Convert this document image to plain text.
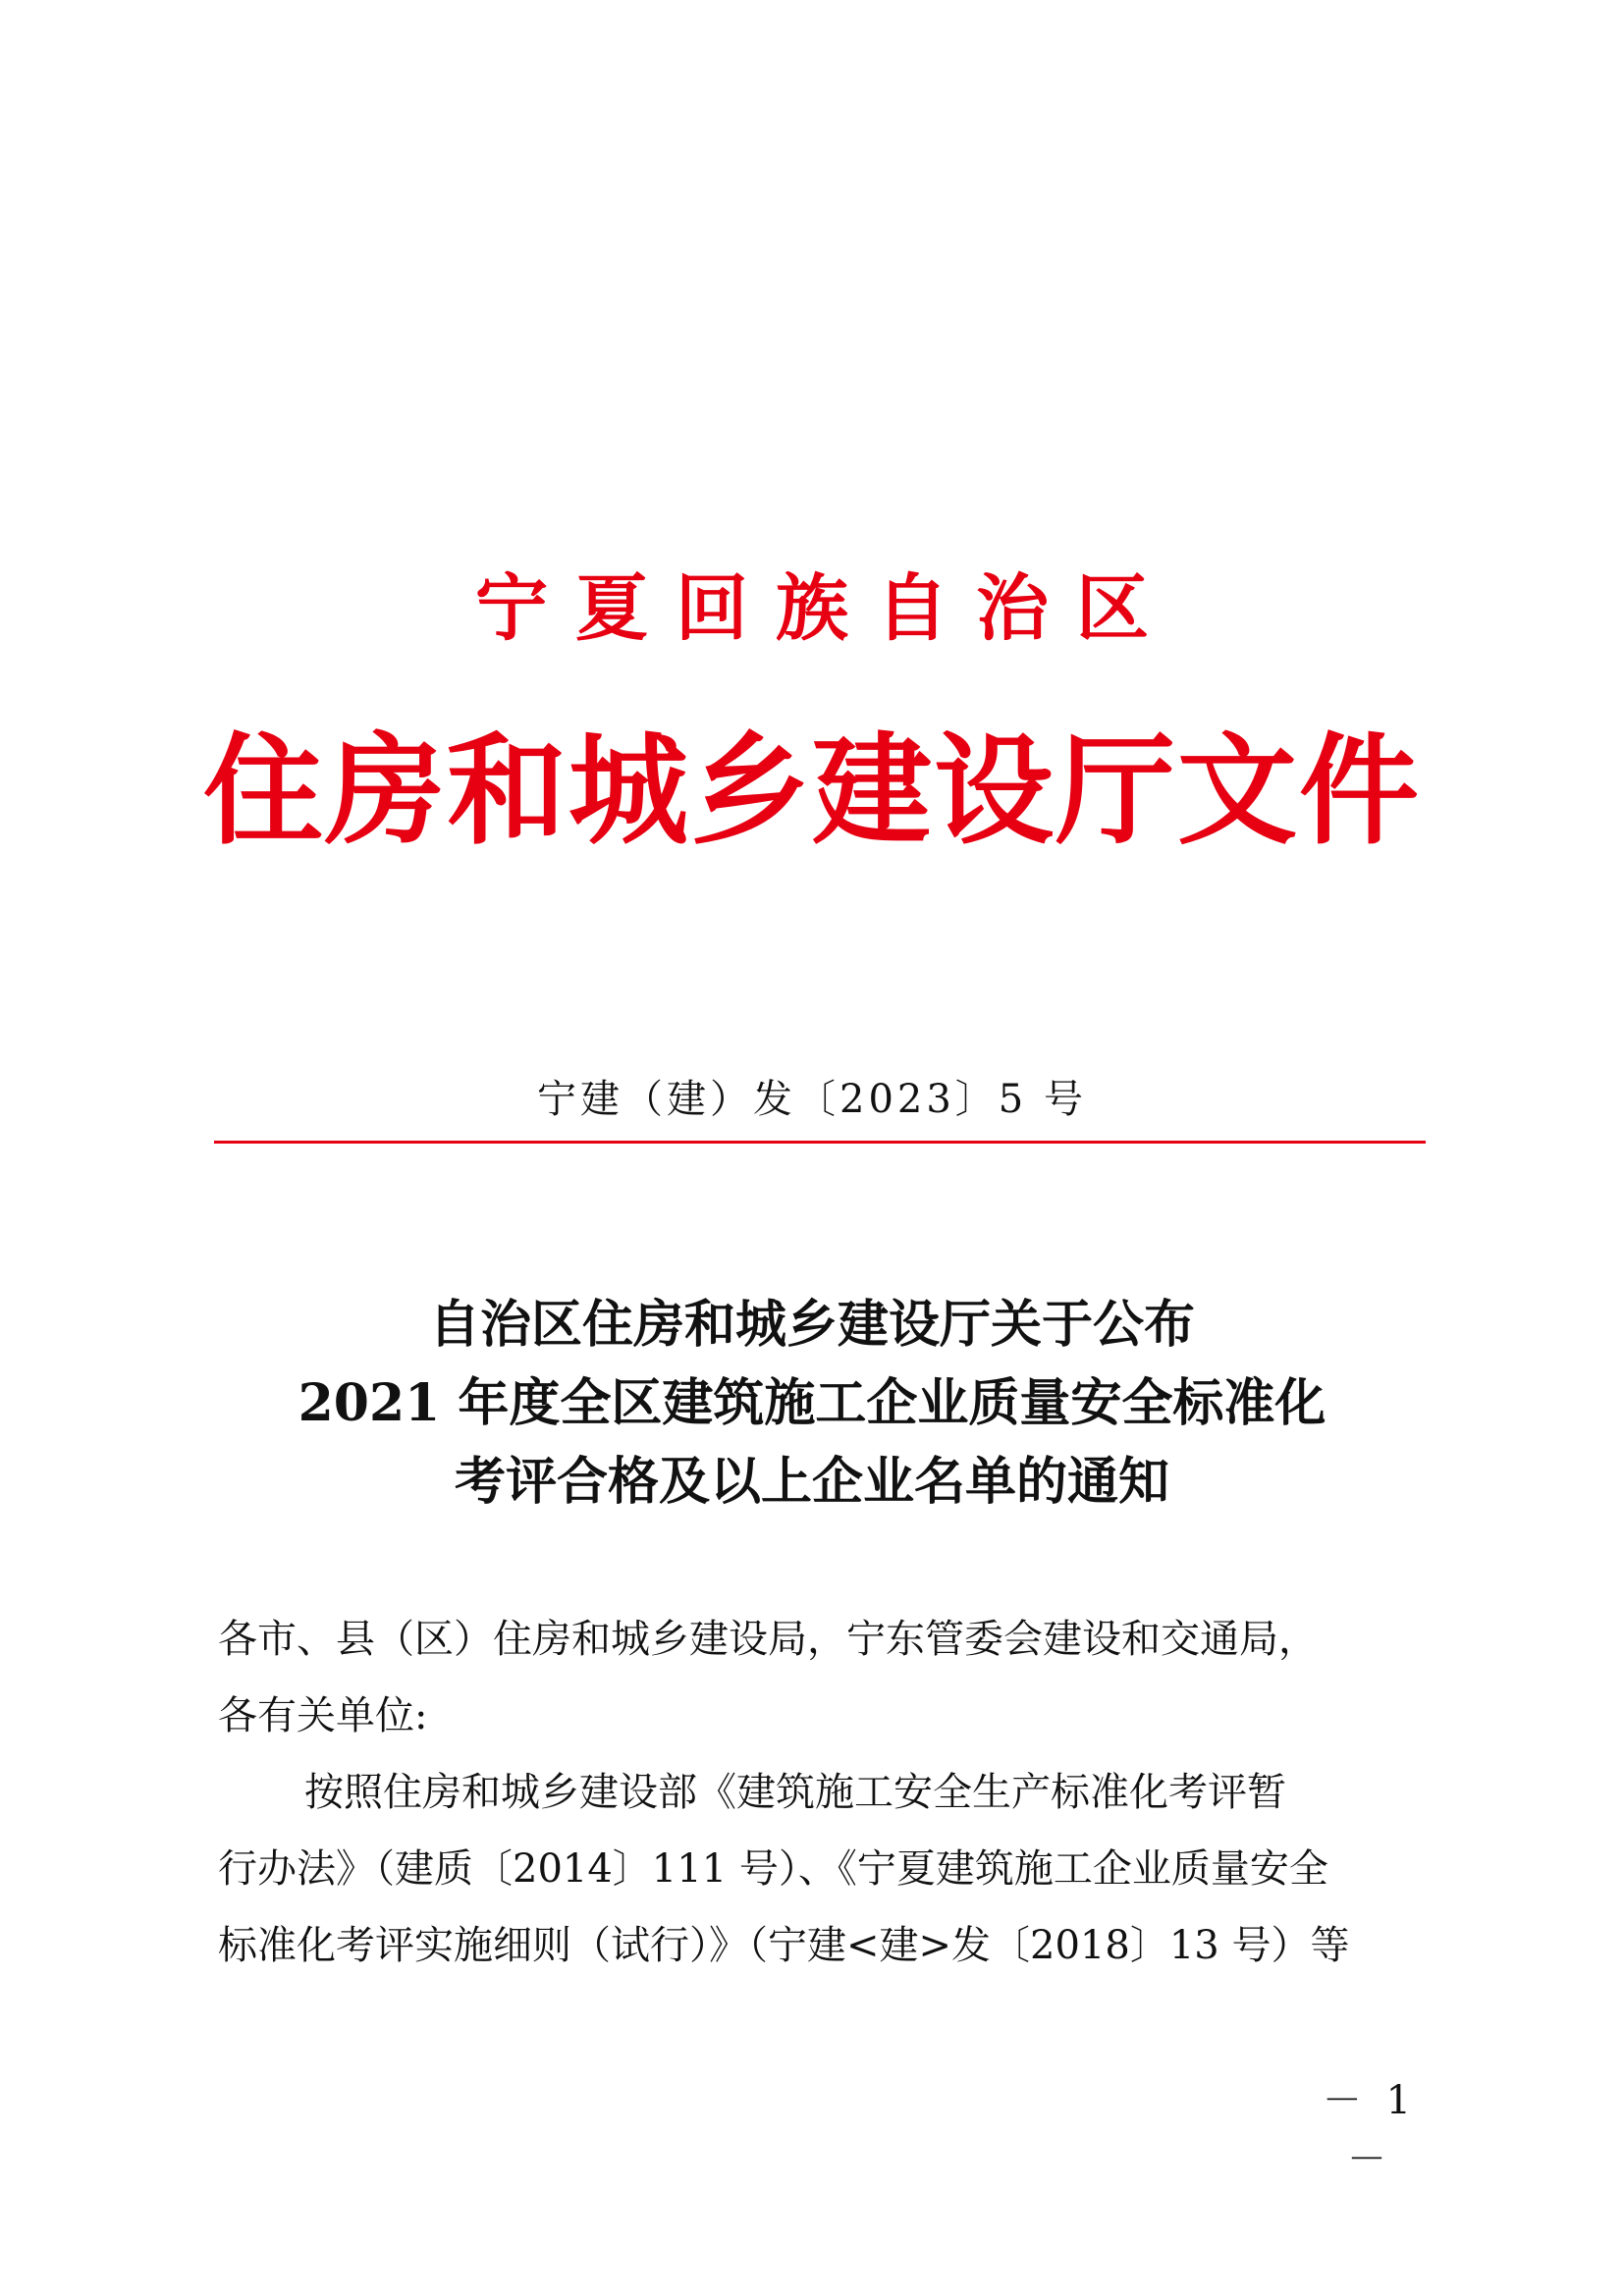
宁夏回族自治区
住房和城乡建设厅文件
宁建（建）发〔2023〕5 号
自治区住房和城乡建设厅关于公布
2021 年度全区建筑施工企业质量安全标准化
考评合格及以上企业名单的通知
各市、县（区）住房和城乡建设局，宁东管委会建设和交通局，
各有关单位:
按照住房和城乡建设部《建筑施工安全生产标准化考评暂
行办法》（建质〔2014〕111 号）、《宁夏建筑施工企业质量安全
标准化考评实施细则（试行）》（宁建<建>发〔2018〕13 号）等
－ 1 －
